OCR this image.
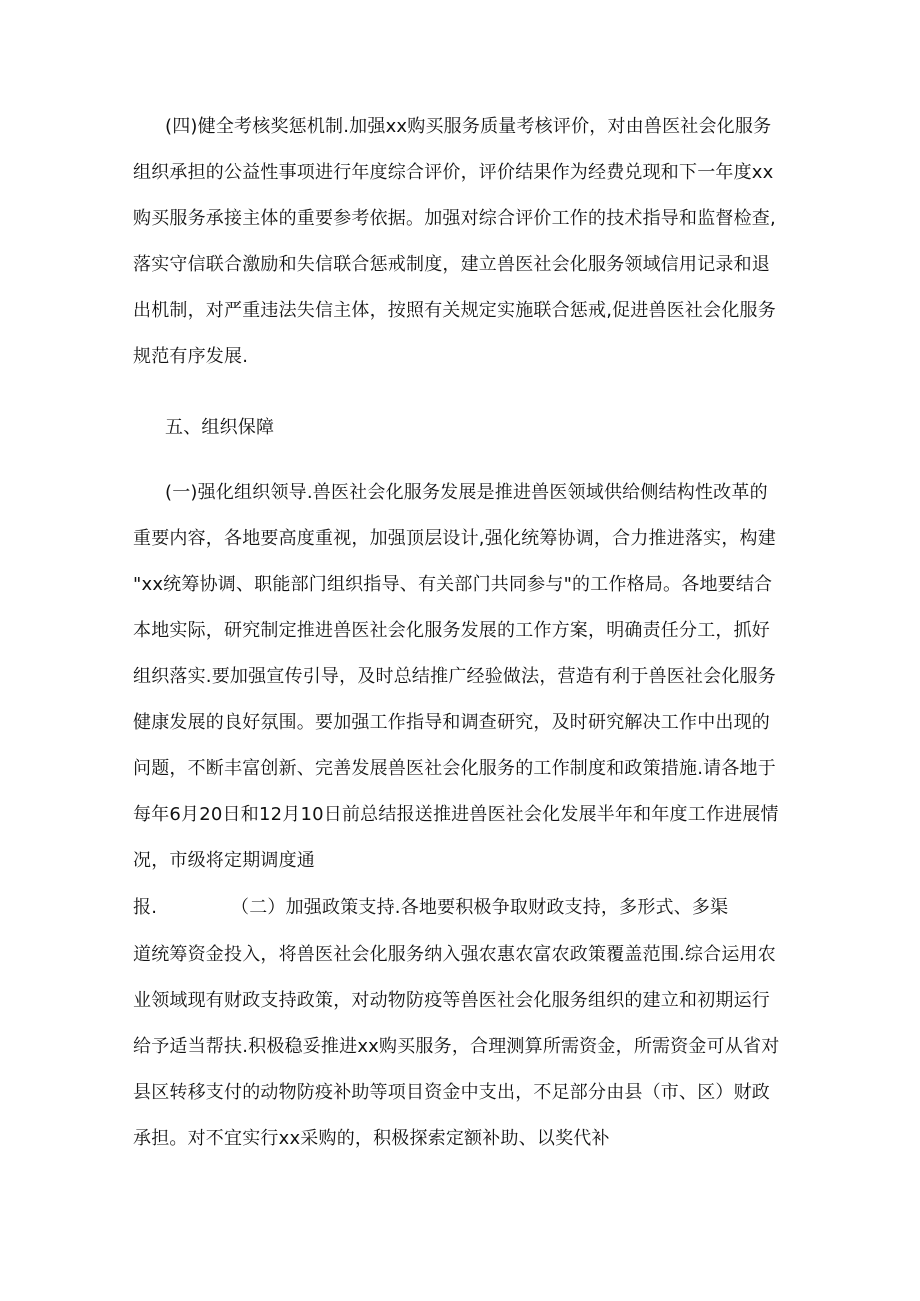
(四)健全考核奖惩机制.加强xx购买服务质量考核评价，对由兽医社会化服务
组织承担的公益性事项进行年度综合评价，评价结果作为经费兑现和下一年度xx
购买服务承接主体的重要参考依据。加强对综合评价工作的技术指导和监督检查,
落实守信联合激励和失信联合惩戒制度，建立兽医社会化服务领域信用记录和退
出机制，对严重违法失信主体，按照有关规定实施联合惩戒,促进兽医社会化服务
规范有序发展.
五、组织保障
(一)强化组织领导.兽医社会化服务发展是推进兽医领域供给侧结构性改革的
重要内容，各地要高度重视，加强顶层设计,强化统筹协调，合力推进落实，构建
"xx统筹协调、职能部门组织指导、有关部门共同参与"的工作格局。各地要结合
本地实际，研究制定推进兽医社会化服务发展的工作方案，明确责任分工，抓好
组织落实.要加强宣传引导，及时总结推广经验做法，营造有利于兽医社会化服务
健康发展的良好氛围。要加强工作指导和调查研究，及时研究解决工作中出现的
问题，不断丰富创新、完善发展兽医社会化服务的工作制度和政策措施.请各地于
每年6月20日和12月10日前总结报送推进兽医社会化发展半年和年度工作进展情
况，市级将定期调度通
报.	（二）加强政策支持.各地要积极争取财政支持，多形式、多渠
道统筹资金投入，将兽医社会化服务纳入强农惠农富农政策覆盖范围.综合运用农
业领域现有财政支持政策，对动物防疫等兽医社会化服务组织的建立和初期运行
给予适当帮扶.积极稳妥推进xx购买服务，合理测算所需资金，所需资金可从省对
县区转移支付的动物防疫补助等项目资金中支出，不足部分由县（市、区）财政
承担。对不宜实行xx采购的，积极探索定额补助、以奖代补
